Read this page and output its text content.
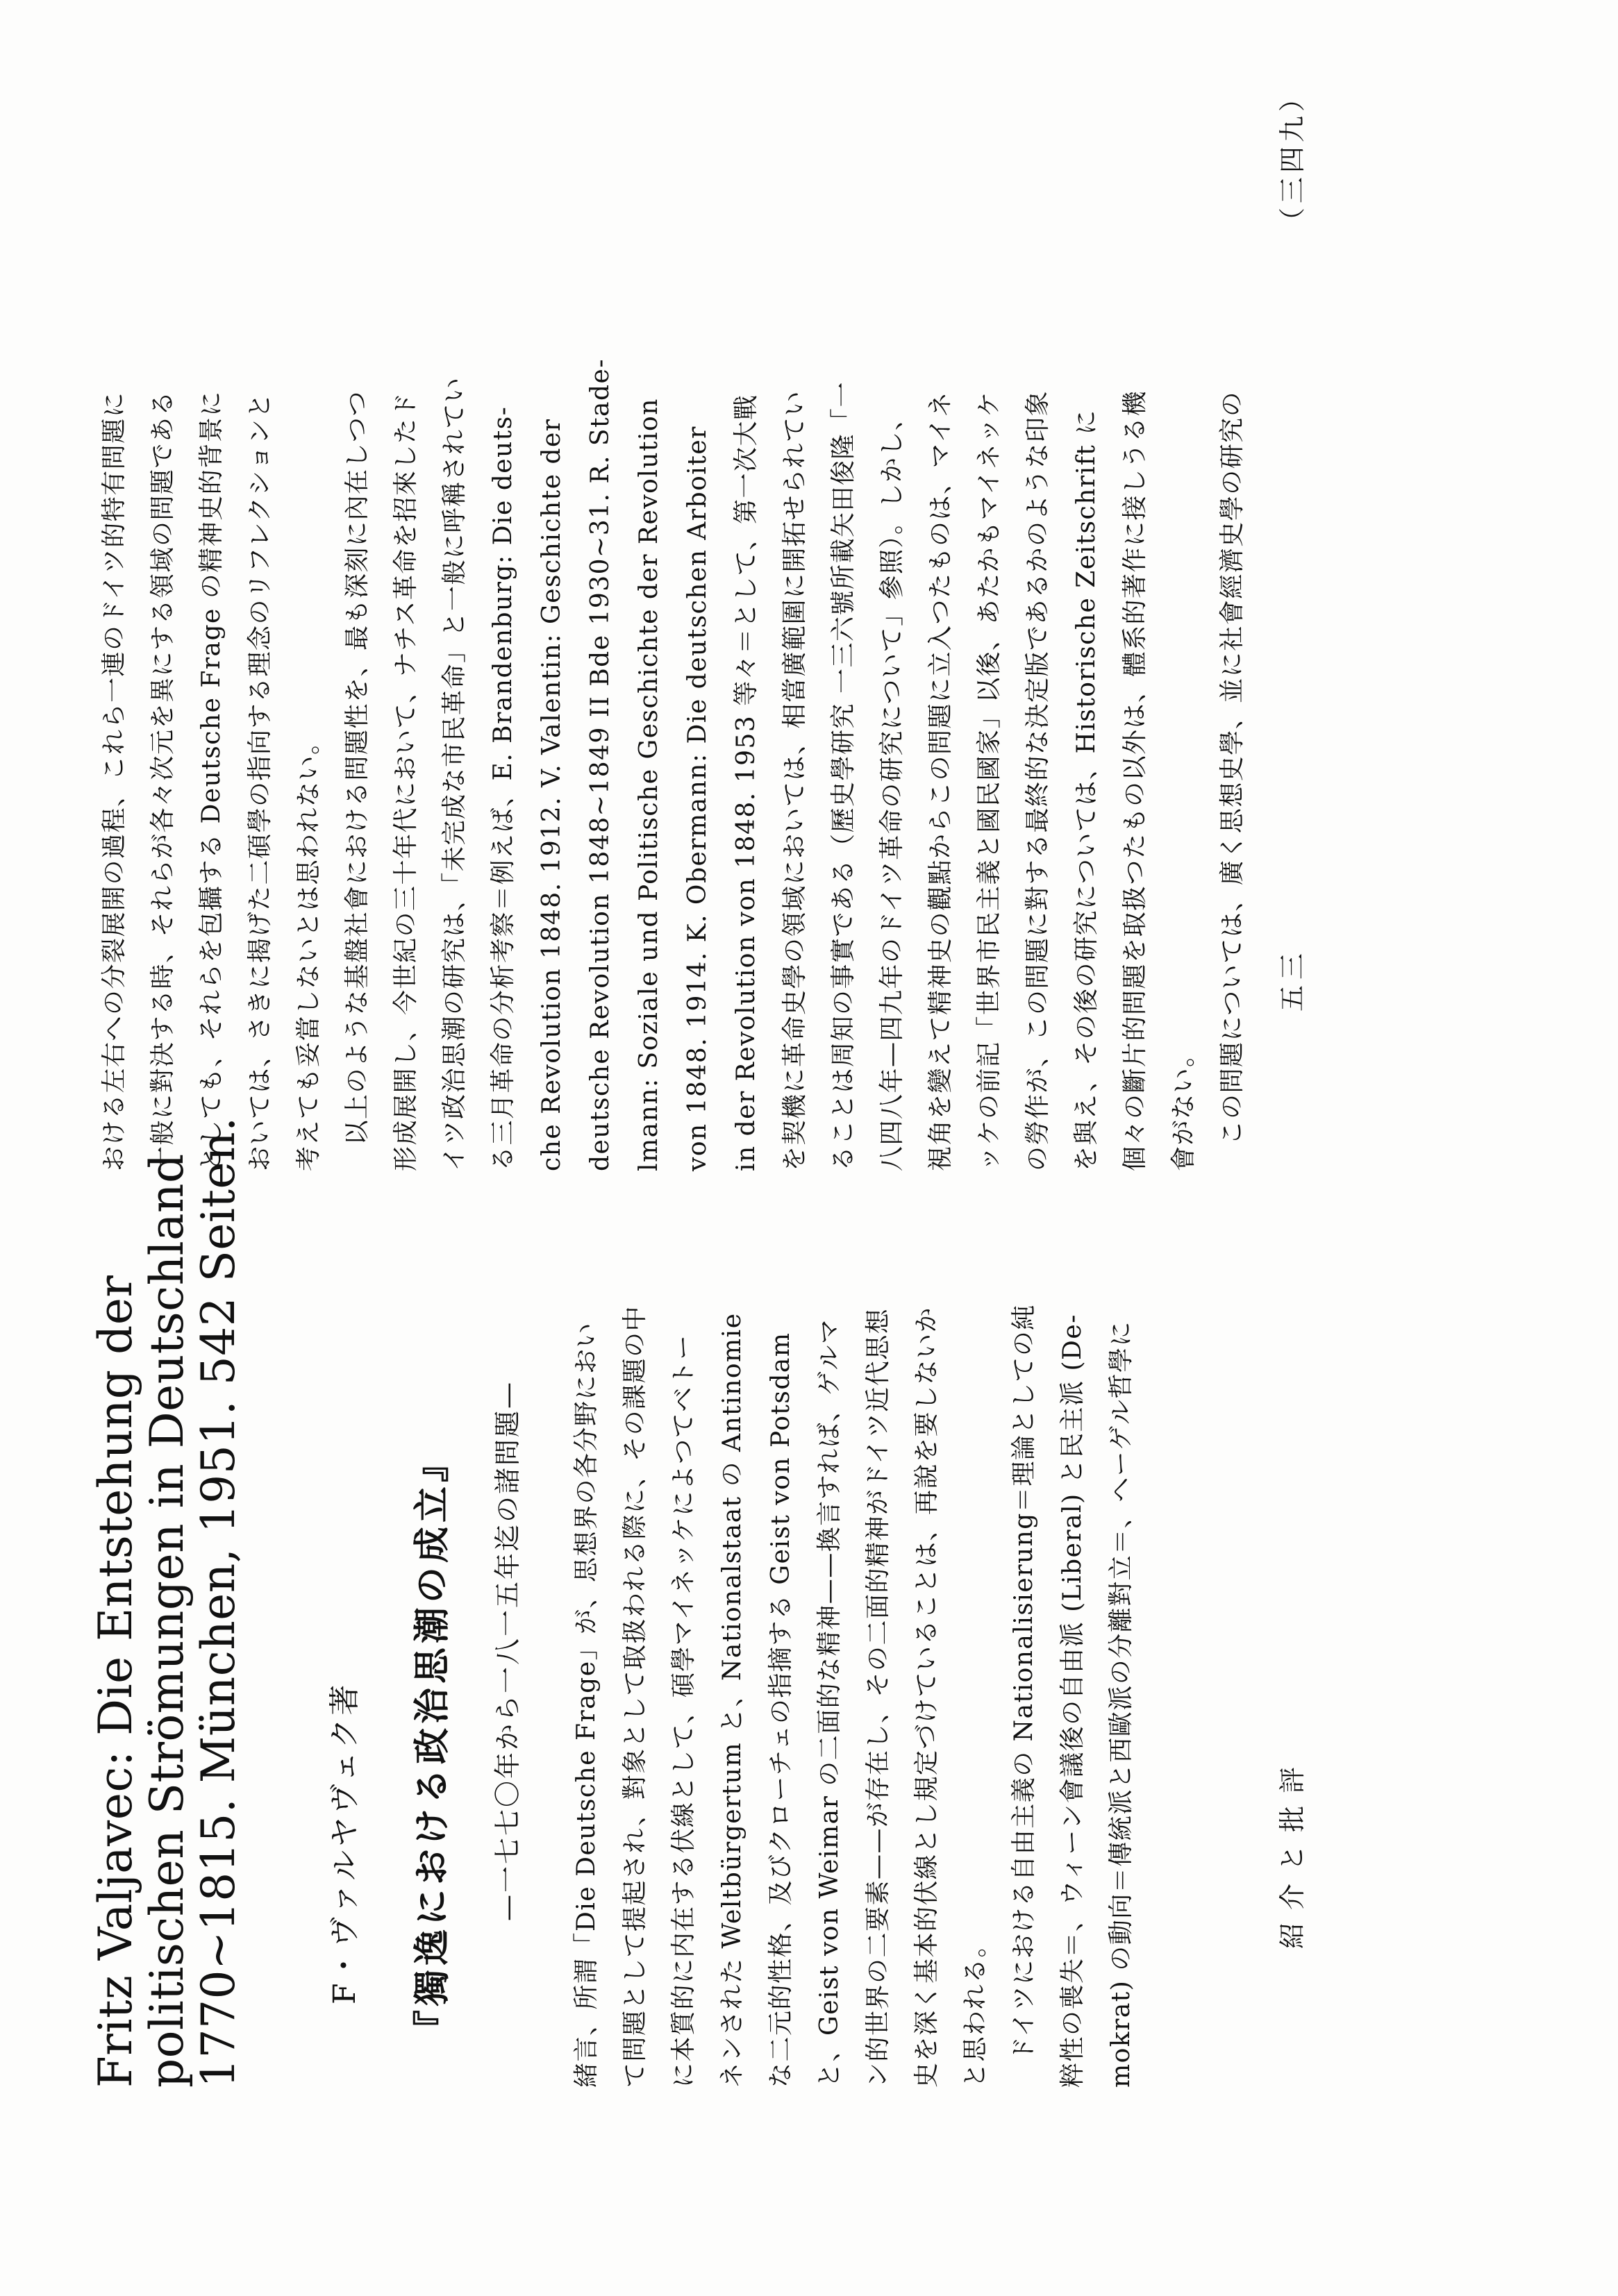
Fritz Valjavec: Die Entstehung der
politischen Strömungen in Deutschland
1770~1815. München, 1951. 542 Seiten.	F・ヴァルヤヴェク著 『獨逸における政治思潮の成立』 —一七七〇年から一八一五年迄の諸問題—	緒言、所謂「Die Deutsche Frage」が、思想界の各分野におい て問題として提起され、對象として取扱われる際に、その課題の中 に本質的に内在する伏線として、碩學マイネッケによつてベトー ネンされた Weltbürgertum と、Nationalstaat の Antinomie な二元的性格、及びクローチェの指摘する Geist von Potsdam と、Geist von Weimar の二面的な精神——換言すれば、ゲルマ ン的世界の二要素——が存在し、その二面的精神がドイツ近代思想 史を深く基本的伏線とし規定づけていることは、再說を要しないか と思われる。 　ドイツにおける自由主義の Nationalisierung＝理論としての純 粹性の喪失＝、ウィーン會議後の自由派 (Liberal) と民主派 (De- mokrat) の動向＝傳統派と西歐派の分離對立＝、ヘーゲル哲學に

おける左右への分裂展開の過程、これら一連のドイツ的特有問題に 一般に對決する時、それらが各々次元を異にする領域の問題である としても、それらを包攝する Deutsche Frage の精神史的背景に おいては、さきに揭げた二碩學の指向する理念のリフレクションと 考えても妥當しないとは思われない。 　以上のような基盤社會における問題性を、最も深刻に內在しつつ 形成展開し、今世紀の三十年代において、ナチス革命を招來したド イツ政治思潮の研究は、「未完成な市民革命」と一般に呼稱されてい る三月革命の分析考察＝例えば、E. Brandenburg: Die deuts- che Revolution 1848. 1912. V. Valentin: Geschichte der deutsche Revolution 1848~1849 II Bde 1930~31. R. Stade- lmann: Soziale und Politische Geschichte der Revolution von 1848. 1914. K. Obermann: Die deutschen Arboiter in der Revolution von 1848. 1953 等々＝として、第一次大戰 を契機に革命史學の領域においては、相當廣範圍に開拓せられてい ることは周知の事實である（歷史學研究 一三六號所載矢田俊隆「一 八四八年—四九年のドイツ革命の研究について」參照）。しかし、 視角を變えて精神史の觀點からこの問題に立入つたものは、マイネ ッケの前記「世界市民主義と國民國家」以後、あたかもマイネッケ の勞作が、この問題に對する最終的な決定版であるかのような印象 を與え、その後の研究については、Historische Zeitschrift に 個々の斷片的問題を取扱つたもの以外は、體系的著作に接しうる機 會がない。 　この問題については、廣く思想史學、並に社會經濟史學の研究の

紹介と批評
五三
（三四九）
